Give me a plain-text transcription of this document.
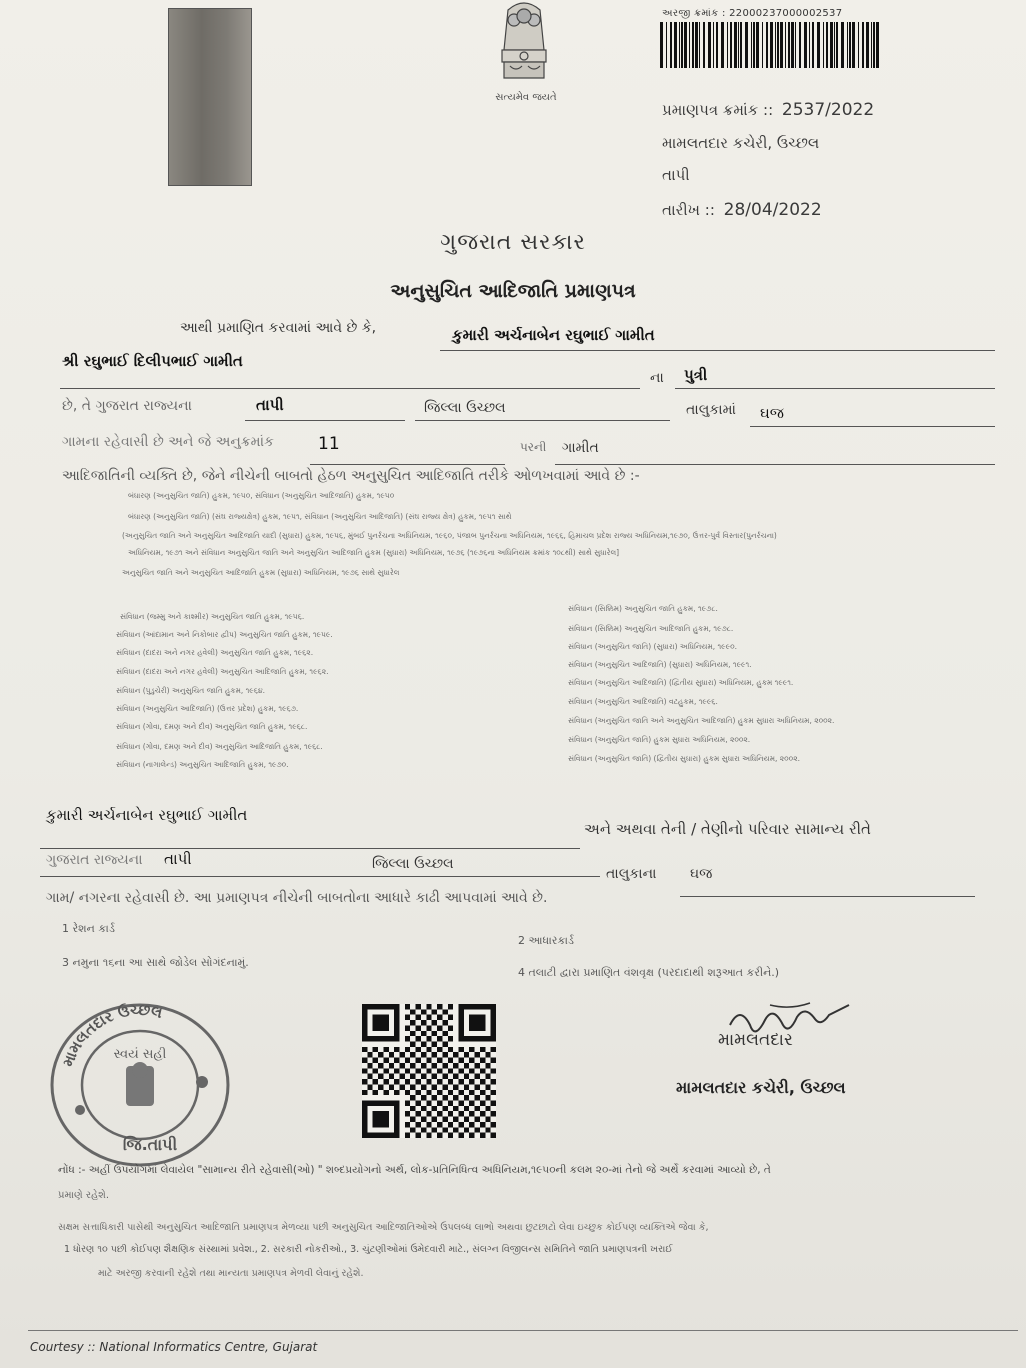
સત્યમેવ જયતે
અરજી ક્રમાંક : 22000237000002537
પ્રમાણપત્ર ક્રમાંક :: 2537/2022
મામલતદાર કચેરી, ઉચ્છલ
તાપી
તારીખ :: 28/04/2022
ગુજરાત સરકાર
અનુસુચિત આદિજાતિ પ્રમાણપત્ર
આથી પ્રમાણિત કરવામાં આવે છે કે,	કુમારી અર્ચનાબેન રઘુભાઈ ગામીત
શ્રી રઘુભાઈ દિલીપભાઈ ગામીત
ના પુત્રી
છે, તે ગુજરાત રાજ્યના	તાપી	જિલ્લા ઉચ્છલ	તાલુકામાં ઘજ
ગામના રહેવાસી છે અને જે અનુક્રમાંક	11	પરની ગામીત
આદિજાતિની વ્યક્તિ છે, જેને નીચેની બાબતો હેઠળ અનુસુચિત આદિજાતિ તરીકે ઓળખવામાં આવે છે :-
બંધારણ (અનુસુચિત જાતિ) હુકમ, ૧૯૫૦, સંવિધાન (અનુસુચિત આદિજાતિ) હુકમ, ૧૯૫૦
બંધારણ (અનુસુચિત જાતિ) (સંઘ રાજ્યક્ષેત્ર) હુકમ, ૧૯૫૧, સંવિધાન (અનુસુચિત આદિજાતિ) (સંઘ રાજ્ય ક્ષેત્ર) હુકમ, ૧૯૫૧ સાથે
(અનુસુચિત જાતિ અને અનુસુચિત આદિજાતિ યાદી (સુધારા) હુકમ, ૧૯૫૬, મુંબઈ પુનર્રચના અધિનિયમ, ૧૯૬૦, પંજાબ પુનર્રચના અધિનિયમ, ૧૯૬૬, હિમાચલ પ્રદેશ રાજ્ય અધિનિયમ,૧૯૭૦, ઉત્તર-પુર્વ વિસ્તાર(પુનર્રચના)
અધિનિયમ, ૧૯૭૧ અને સંવિધાન અનુસુચિત જાતિ અને અનુસુચિત આદિજાતિ હુકમ (સુધારા) અધિનિયમ, ૧૯૭૬ (૧૯૭૬ના અધિનિયમ ક્રમાંક ૧૦૮થી) સાથે સુધારેલ]
અનુસુચિત જાતિ અને અનુસુચિત આદિજાતિ હુકમ (સુધારા) અધિનિયમ, ૧૯૭૬ સાથે સુધારેલ
સંવિધાન (જમ્મુ અને કાશ્મીર) અનુસુચિત જાતિ હુકમ, ૧૯૫૬.
સંવિધાન (આંદામાન અને નિકોબાર દ્વીપ) અનુસુચિત જાતિ હુકમ, ૧૯૫૯.
સંવિધાન (દાદરા અને નગર હવેલી) અનુસુચિત જાતિ હુકમ, ૧૯૬૨.
સંવિધાન (દાદરા અને નગર હવેલી) અનુસુચિત આદિજાતિ હુકમ, ૧૯૬૨.
સંવિધાન (પુડુચેરી) અનુસુચિત જાતિ હુકમ, ૧૯૬૪.
સંવિધાન (અનુસુચિત આદિજાતિ) (ઉત્તર પ્રદેશ) હુકમ, ૧૯૬૭.
સંવિધાન (ગોવા, દમણ અને દીવ) અનુસુચિત જાતિ હુકમ, ૧૯૬૮.
સંવિધાન (ગોવા, દમણ અને દીવ) અનુસુચિત આદિજાતિ હુકમ, ૧૯૬૮.
સંવિધાન (નાગાલેન્ડ) અનુસુચિત આદિજાતિ હુકમ, ૧૯૭૦.
સંવિધાન (સિક્કિમ) અનુસુચિત જાતિ હુકમ, ૧૯૭૮.
સંવિધાન (સિક્કિમ) અનુસુચિત આદિજાતિ હુકમ, ૧૯૭૮.
સંવિધાન (અનુસુચિત જાતિ) (સુધારા) અધિનિયમ, ૧૯૯૦.
સંવિધાન (અનુસુચિત આદિજાતિ) (સુધારા) અધિનિયમ, ૧૯૯૧.
સંવિધાન (અનુસુચિત આદિજાતિ) (દ્વિતીય સુધારા) અધિનિયમ, હુકમ ૧૯૯૧.
સંવિધાન (અનુસુચિત આદિજાતિ) વટહુકમ, ૧૯૯૬.
સંવિધાન (અનુસુચિત જાતિ અને અનુસુચિત આદિજાતિ) હુકમ સુધારા અધિનિયમ, ૨૦૦૨.
સંવિધાન (અનુસુચિત જાતિ) હુકમ સુધારા અધિનિયમ, ૨૦૦૨.
સંવિધાન (અનુસુચિત જાતિ) (દ્વિતીય સુધારા) હુકમ સુધારા અધિનિયમ, ૨૦૦૨.
કુમારી અર્ચનાબેન રઘુભાઈ ગામીત
અને અથવા તેની / તેણીનો પરિવાર સામાન્ય રીતે
ગુજરાત રાજ્યના તાપી	જિલ્લા ઉચ્છલ
તાલુકાના ઘજ
ગામ/ નગરના રહેવાસી છે. આ પ્રમાણપત્ર નીચેની બાબતોના આધારે કાઢી આપવામાં આવે છે.
1 રેશન કાર્ડ
2 આધારકાર્ડ
3 નમુના ૧૬ના આ સાથે જોડેલ સોગંદનામું.
4 તલાટી દ્વારા પ્રમાણિત વંશવૃક્ષ (પરદાદાથી શરૂઆત કરીને.)
મામલતદાર ઉચ્છલ
સ્વયં સહી
જિ.તાપી
મામલતદાર
મામલતદાર કચેરી, ઉચ્છલ
નોંધ :- અહીં ઉપયોગમાં લેવાયેલ "સામાન્ય રીતે રહેવાસી(ઓ) " શબ્દપ્રયોગનો અર્થ, લોક-પ્રતિનિધિત્વ અધિનિયમ,૧૯૫૦ની કલમ ૨૦-માં તેનો જે અર્થે કરવામાં આવ્યો છે, તે
પ્રમાણે રહેશે.
સક્ષમ સત્તાધિકારી પાસેથી અનુસુચિત આદિજાતિ પ્રમાણપત્ર મેળવ્યા પછી અનુસુચિત આદિજાતિઓએ ઉપલબ્ધ લાભો અથવા છુટછાટો લેવા ઇચ્છુક કોઈપણ વ્યક્તિએ જેવા કે,
1 ધોરણ ૧૦ પછી કોઈપણ શૈક્ષણિક સંસ્થામાં પ્રવેશ., 2. સરકારી નોકરીઓ., 3. ચુંટણીઓમાં ઉમેદવારી માટે., સંલગ્ન વિજીલન્સ સમિતિને જાતિ પ્રમાણપત્રની ખરાઈ
માટે અરજી કરવાની રહેશે તથા માન્યતા પ્રમાણપત્ર મેળવી લેવાનું રહેશે.
Courtesy :: National Informatics Centre, Gujarat
